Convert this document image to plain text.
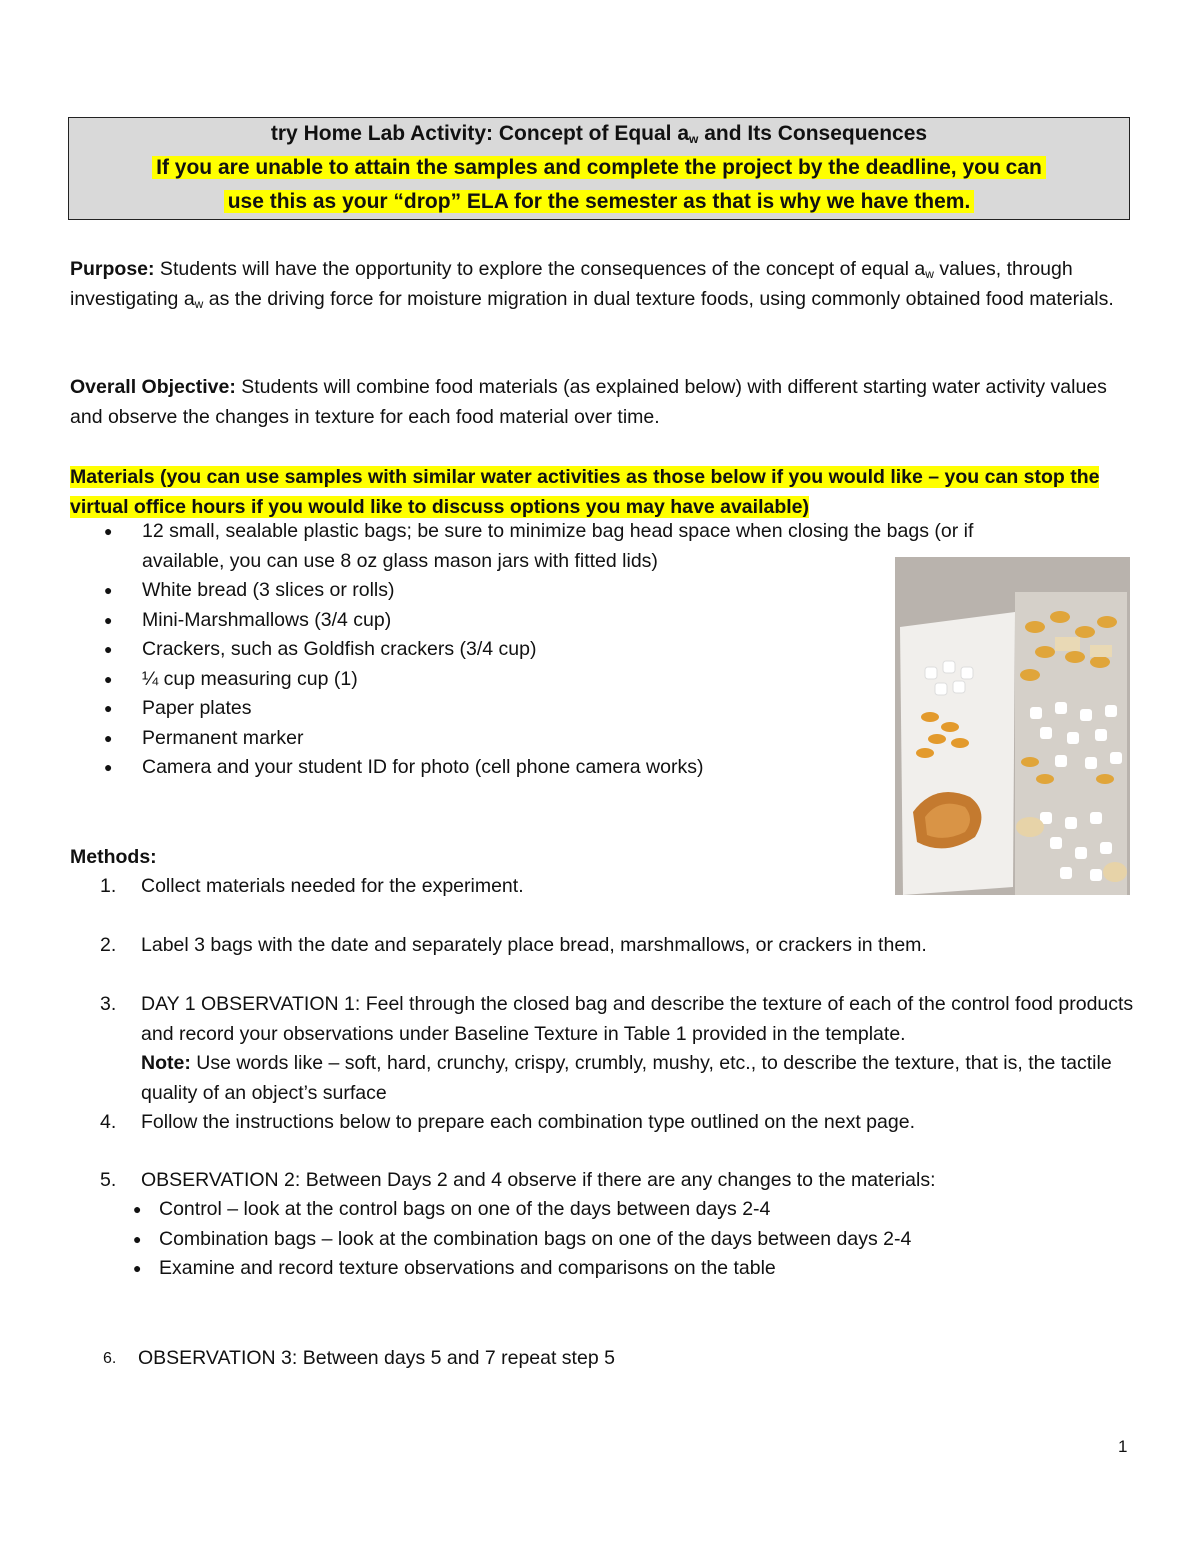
try Home Lab Activity: Concept of Equal $a_w$ and Its Consequences
If you are unable to attain the samples and complete the project by the deadline, you can
use this as your “drop” ELA for the semester as that is why we have them.

Purpose: Students will have the opportunity to explore the consequences of the concept of equal $a_w$ values, through investigating $a_w$ as the driving force for moisture migration in dual texture foods, using commonly obtained food materials.

Overall Objective: Students will combine food materials (as explained below) with different starting water activity values and observe the changes in texture for each food material over time.

Materials (you can use samples with similar water activities as those below if you would like – you can stop the virtual office hours if you would like to discuss options you may have available)
● 12 small, sealable plastic bags; be sure to minimize bag head space when closing the bags (or if available, you can use 8 oz glass mason jars with fitted lids)
● White bread (3 slices or rolls)
● Mini-Marshmallows (3/4 cup)
● Crackers, such as Goldfish crackers (3/4 cup)
● ¼ cup measuring cup (1)
● Paper plates
● Permanent marker
● Camera and your student ID for photo (cell phone camera works)
Methods:
1.	Collect materials needed for the experiment.
2.	Label 3 bags with the date and separately place bread, marshmallows, or crackers in them.
3.	DAY 1 OBSERVATION 1: Feel through the closed bag and describe the texture of each of the control food products and record your observations under Baseline Texture in Table 1 provided in the template.
Note: Use words like – soft, hard, crunchy, crispy, crumbly, mushy, etc., to describe the texture, that is, the tactile quality of an object’s surface
4.	Follow the instructions below to prepare each combination type outlined on the next page.
5.	OBSERVATION 2: Between Days 2 and 4 observe if there are any changes to the materials:
● Control – look at the control bags on one of the days between days 2-4
● Combination bags – look at the combination bags on one of the days between days 2-4
● Examine and record texture observations and comparisons on the table
6.	OBSERVATION 3: Between days 5 and 7 repeat step 5
1
